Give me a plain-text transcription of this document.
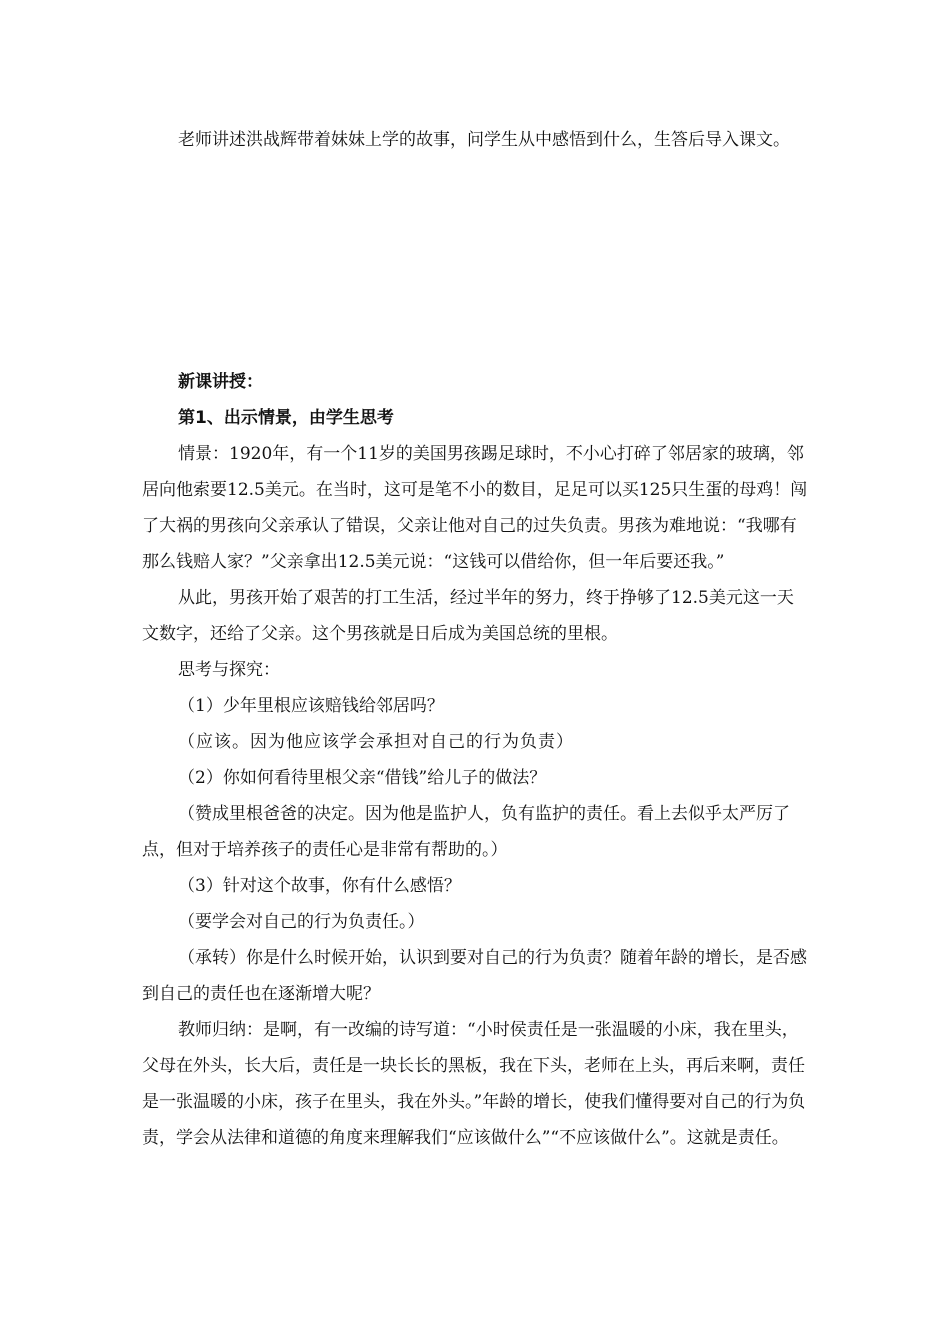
老师讲述洪战辉带着妹妹上学的故事，问学生从中感悟到什么，生答后导入课文。

新课讲授：

第1、出示情景，由学生思考

情景：1920年，有一个11岁的美国男孩踢足球时，不小心打碎了邻居家的玻璃，邻居向他索要12.5美元。在当时，这可是笔不小的数目，足足可以买125只生蛋的母鸡！闯了大祸的男孩向父亲承认了错误，父亲让他对自己的过失负责。男孩为难地说：“我哪有那么钱赔人家？”父亲拿出12.5美元说：“这钱可以借给你，但一年后要还我。”

从此，男孩开始了艰苦的打工生活，经过半年的努力，终于挣够了12.5美元这一天文数字，还给了父亲。这个男孩就是日后成为美国总统的里根。

思考与探究：

（1）少年里根应该赔钱给邻居吗？

（应该。因为他应该学会承担对自己的行为负责）

（2）你如何看待里根父亲“借钱”给儿子的做法？

（赞成里根爸爸的决定。因为他是监护人，负有监护的责任。看上去似乎太严厉了点，但对于培养孩子的责任心是非常有帮助的。）

（3）针对这个故事，你有什么感悟？

（要学会对自己的行为负责任。）

（承转）你是什么时候开始，认识到要对自己的行为负责？随着年龄的增长，是否感到自己的责任也在逐渐增大呢？

教师归纳：是啊，有一改编的诗写道：“小时侯责任是一张温暖的小床，我在里头，父母在外头，长大后，责任是一块长长的黑板，我在下头，老师在上头，再后来啊，责任是一张温暖的小床，孩子在里头，我在外头。”年龄的增长，使我们懂得要对自己的行为负责，学会从法律和道德的角度来理解我们“应该做什么”“不应该做什么”。这就是责任。
